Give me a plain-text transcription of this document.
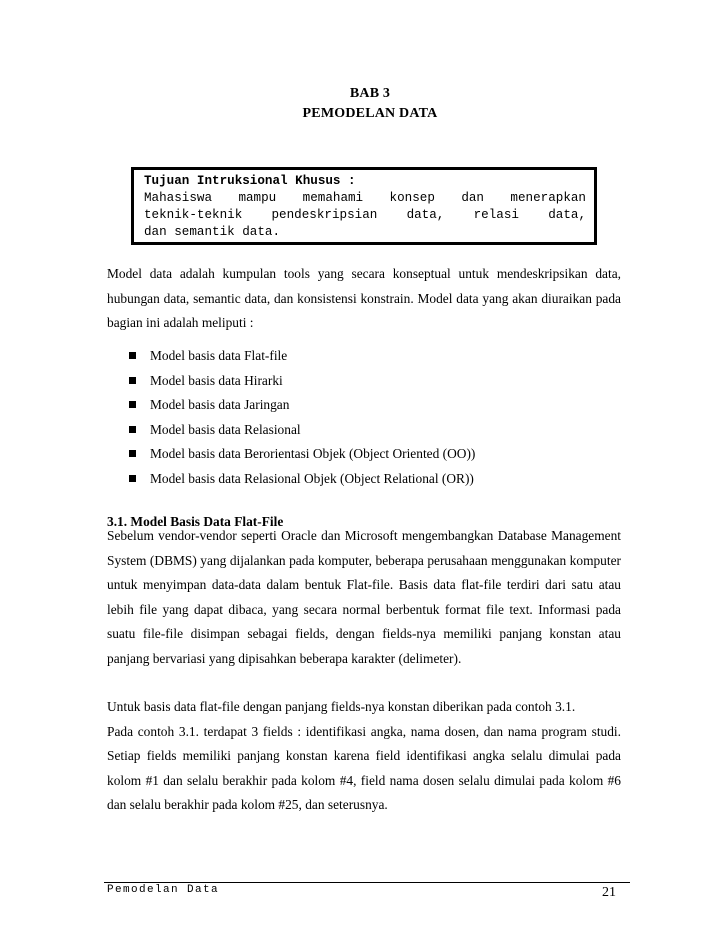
BAB 3
PEMODELAN DATA
Tujuan Intruksional Khusus :
Mahasiswa mampu memahami konsep dan menerapkan
teknik-teknik pendeskripsian data, relasi data,
dan semantik data.
Model data adalah kumpulan tools yang secara konseptual untuk mendeskripsikan data, hubungan data, semantic data, dan konsistensi konstrain. Model data yang akan diuraikan pada bagian ini adalah meliputi :
Model basis data Flat-file
Model basis data Hirarki
Model basis data Jaringan
Model basis data Relasional
Model basis data Berorientasi Objek (Object Oriented (OO))
Model basis data Relasional Objek (Object Relational (OR))
3.1. Model Basis Data Flat-File
Sebelum vendor-vendor seperti Oracle dan Microsoft mengembangkan Database Management System (DBMS) yang dijalankan pada komputer, beberapa perusahaan menggunakan komputer untuk menyimpan data-data dalam bentuk Flat-file. Basis data flat-file terdiri dari satu atau lebih file yang dapat dibaca, yang secara normal berbentuk format file text. Informasi pada suatu file-file disimpan sebagai fields, dengan fields-nya memiliki panjang konstan atau panjang bervariasi yang dipisahkan beberapa karakter (delimeter).
Untuk basis data flat-file dengan panjang fields-nya konstan diberikan pada contoh 3.1.
Pada contoh 3.1. terdapat 3 fields : identifikasi angka, nama dosen, dan nama program studi. Setiap fields memiliki panjang konstan karena field identifikasi angka selalu dimulai pada kolom #1 dan selalu berakhir pada kolom #4, field nama dosen selalu dimulai pada kolom #6 dan selalu berakhir pada kolom #25, dan seterusnya.
Pemodelan Data	21
